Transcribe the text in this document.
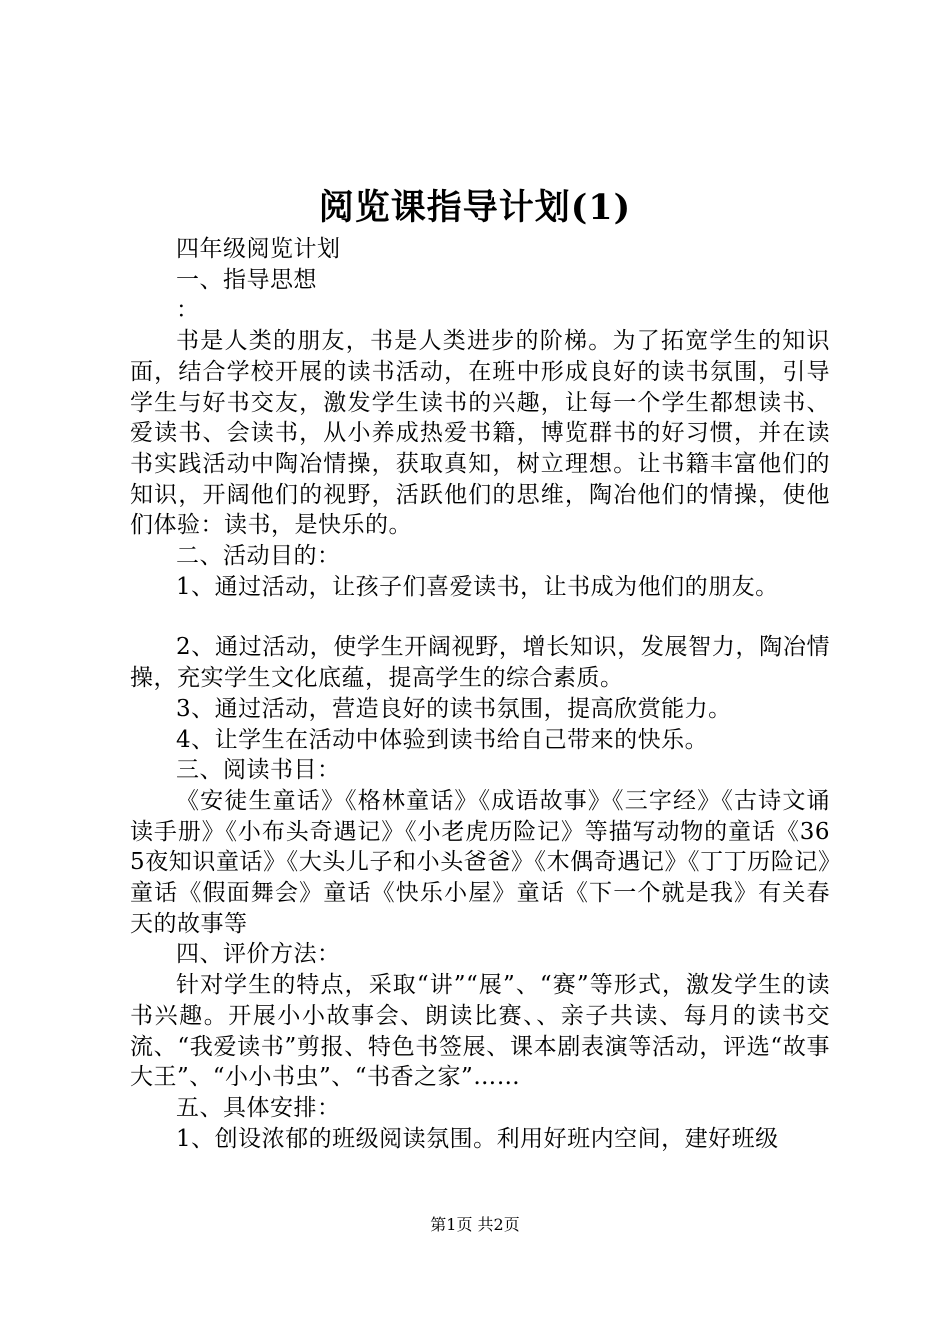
阅览课指导计划(1)

四年级阅览计划

一、指导思想

：

书是人类的朋友，书是人类进步的阶梯。为了拓宽学生的知识面，结合学校开展的读书活动，在班中形成良好的读书氛围，引导学生与好书交友，激发学生读书的兴趣，让每一个学生都想读书、爱读书、会读书，从小养成热爱书籍，博览群书的好习惯，并在读书实践活动中陶冶情操，获取真知，树立理想。让书籍丰富他们的知识，开阔他们的视野，活跃他们的思维，陶冶他们的情操，使他们体验：读书，是快乐的。

二、活动目的：

1、通过活动，让孩子们喜爱读书，让书成为他们的朋友。

2、通过活动，使学生开阔视野，增长知识，发展智力，陶冶情操，充实学生文化底蕴，提高学生的综合素质。

3、通过活动，营造良好的读书氛围，提高欣赏能力。

4、让学生在活动中体验到读书给自己带来的快乐。

三、阅读书目：

《安徒生童话》《格林童话》《成语故事》《三字经》《古诗文诵读手册》《小布头奇遇记》《小老虎历险记》等描写动物的童话《365夜知识童话》《大头儿子和小头爸爸》《木偶奇遇记》《丁丁历险记》童话《假面舞会》童话《快乐小屋》童话《下一个就是我》有关春天的故事等

四、评价方法：

针对学生的特点，采取“讲”“展”、“赛”等形式，激发学生的读书兴趣。开展小小故事会、朗读比赛、、亲子共读、每月的读书交流、“我爱读书”剪报、特色书签展、课本剧表演等活动，评选“故事大王”、“小小书虫”、“书香之家”……

五、具体安排：

1、创设浓郁的班级阅读氛围。利用好班内空间，建好班级

第1页 共2页
